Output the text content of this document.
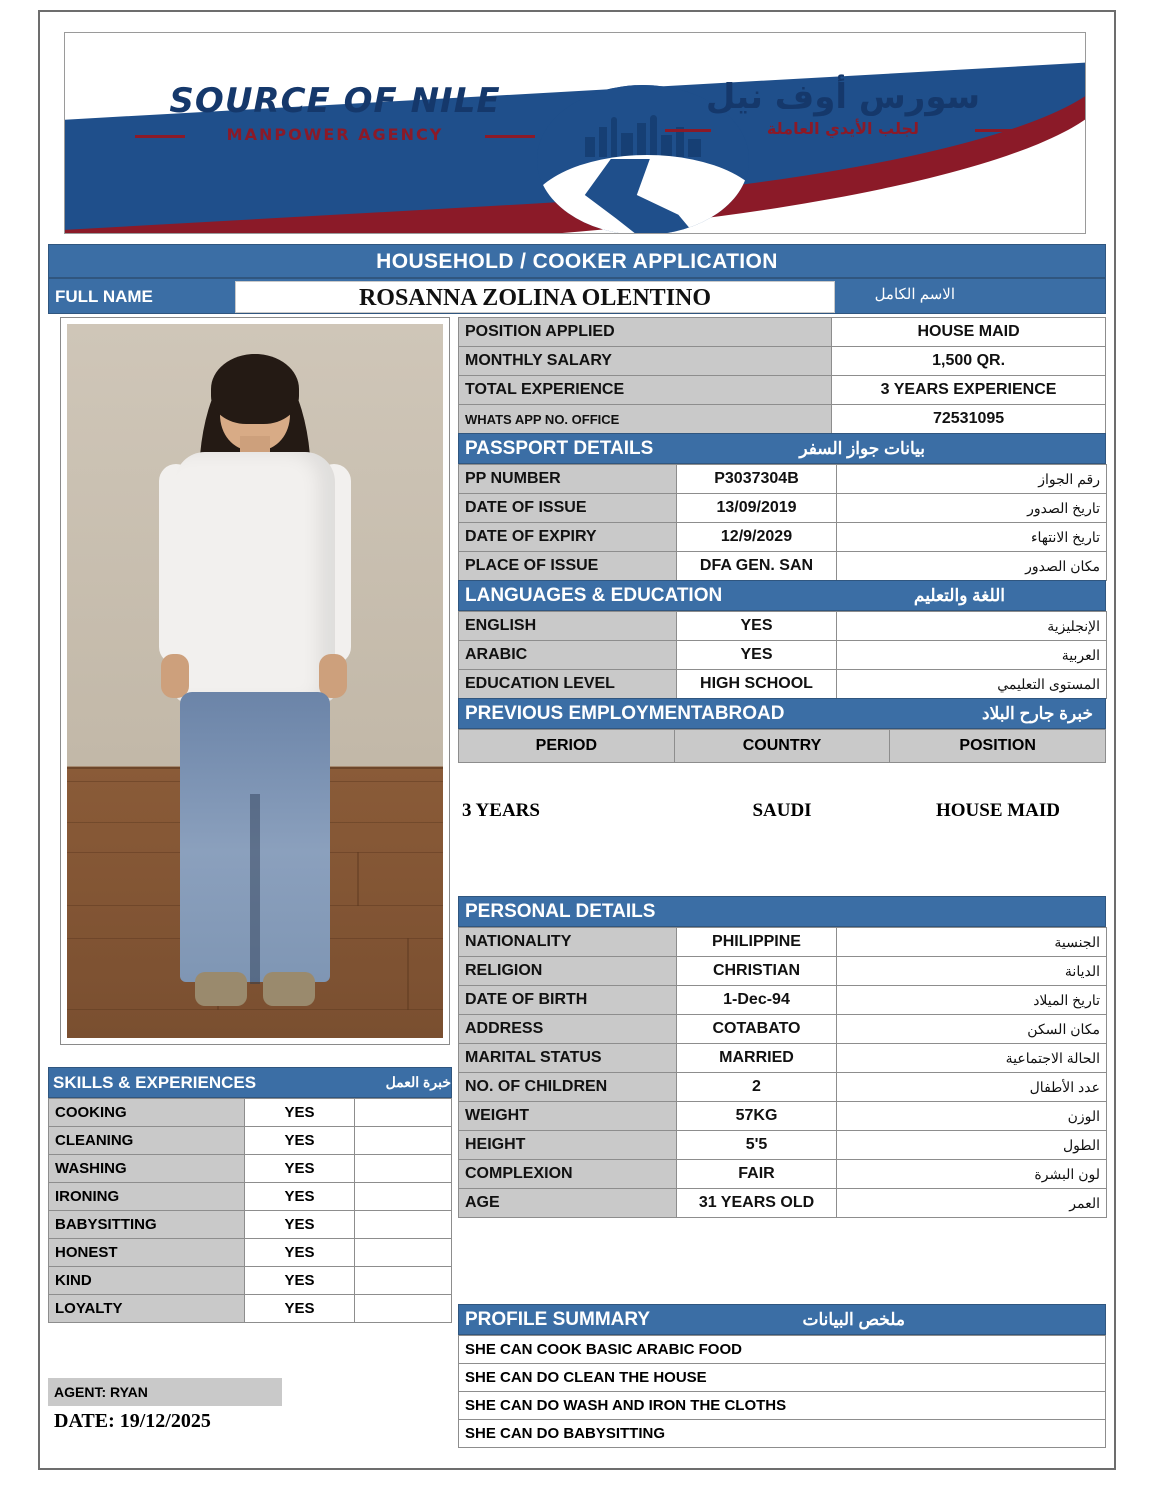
SOURCE OF NILE
MANPOWER AGENCY
سورس أوف نيل
لجلب الأيدي العاملة
HOUSEHOLD / COOKER APPLICATION
FULL NAME	ROSANNA ZOLINA OLENTINO	الاسم الكامل
POSITION APPLIED	HOUSE MAID
MONTHLY SALARY	1,500 QR.
TOTAL EXPERIENCE	3 YEARS EXPERIENCE
WHATS APP NO. OFFICE	72531095
PASSPORT DETAILS	بيانات جواز السفر
PP NUMBER	P3037304B	رقم الجواز
DATE OF ISSUE	13/09/2019	تاريخ الصدور
DATE OF EXPIRY	12/9/2029	تاريخ الانتهاء
PLACE OF ISSUE	DFA GEN. SAN	مكان الصدور
LANGUAGES & EDUCATION	اللغة والتعليم
ENGLISH	YES	الإنجليزية
ARABIC	YES	العربية
EDUCATION LEVEL	HIGH SCHOOL	المستوى التعليمي
PREVIOUS EMPLOYMENTABROAD	خبرة جارح البلاد
PERIOD	COUNTRY	POSITION
3 YEARS	SAUDI	HOUSE MAID
PERSONAL DETAILS
NATIONALITY	PHILIPPINE	الجنسية
RELIGION	CHRISTIAN	الديانة
DATE OF BIRTH	1-Dec-94	تاريخ الميلاد
ADDRESS	COTABATO	مكان السكن
MARITAL STATUS	MARRIED	الحالة الاجتماعية
NO. OF CHILDREN	2	عدد الأطفال
WEIGHT	57KG	الوزن
HEIGHT	5'5	الطول
COMPLEXION	FAIR	لون البشرة
AGE	31 YEARS OLD	العمر
SKILLS & EXPERIENCES	خبرة العمل
COOKING	YES	
CLEANING	YES	
WASHING	YES	
IRONING	YES	
BABYSITTING	YES	
HONEST	YES	
KIND	YES	
LOYALTY	YES	
AGENT: RYAN
DATE: 19/12/2025
PROFILE SUMMARY	ملخص البيانات
SHE CAN COOK BASIC ARABIC FOOD
SHE CAN DO CLEAN THE HOUSE
SHE CAN DO WASH AND IRON THE CLOTHS
SHE CAN DO BABYSITTING
